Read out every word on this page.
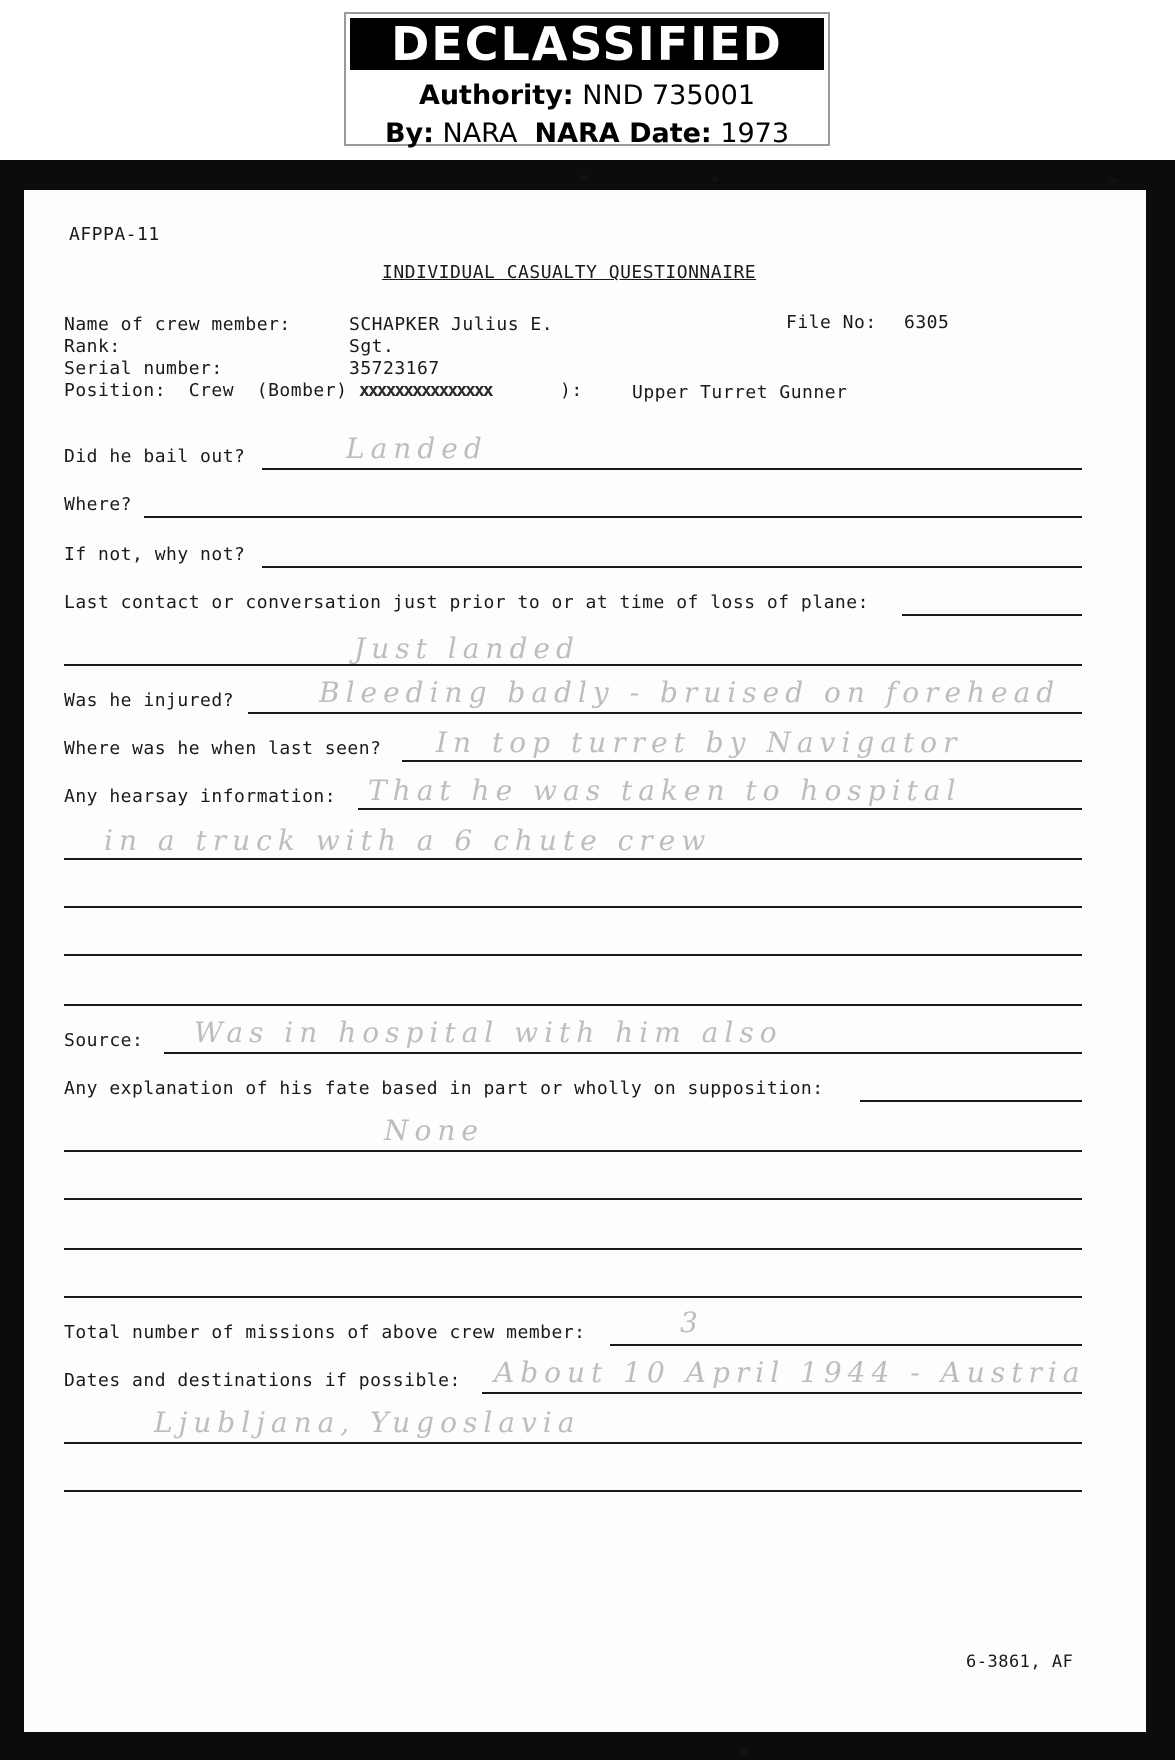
DECLASSIFIED
Authority: NND 735001
By: NARA NARA Date: 1973
AFPPA-11
INDIVIDUAL CASUALTY QUESTIONNAIRE
Name of crew member:	SCHAPKER Julius E.	File No: 6305
Rank:	Sgt.
Serial number:	35723167
Position:  Crew  (Bomber) xxxxxxxxxxxxxxx	):	Upper Turret Gunner
Did he bail out?	Landed
Where?
If not, why not?
Last contact or conversation just prior to or at time of loss of plane:
Just landed
Was he injured?	Bleeding badly - bruised on forehead
Where was he when last seen? In top turret by Navigator
Any hearsay information: That he was taken to hospital
in a truck with a 6 chute crew
Source: Was in hospital with him also
Any explanation of his fate based in part or wholly on supposition:
None
Total number of missions of above crew member:	3
Dates and destinations if possible: About 10 April 1944 - Austria
Ljubljana, Yugoslavia
6-3861, AF
